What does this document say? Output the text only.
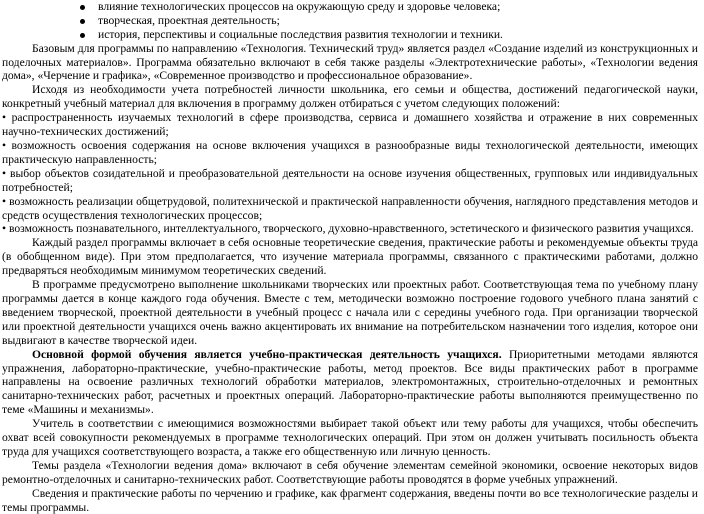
влияние технологических процессов на окружающую среду и здоровье человека;
творческая, проектная деятельность;
история, перспективы и социальные последствия развития технологии и техники.

Базовым для программы по направлению «Технология. Технический труд» является раздел «Создание изделий из конструкционных и поделочных материалов». Программа обязательно включают в себя также разделы «Электротехнические работы», «Технологии ведения дома», «Черчение и графика», «Современное производство и профессиональное образование».

Исходя из необходимости учета потребностей личности школьника, его семьи и общества, достижений педагогической науки, конкретный учебный материал для включения в программу должен отбираться с учетом следующих положений:

• распространенность изучаемых технологий в сфере производства, сервиса и домашнего хозяйства и отражение в них современных научно-технических достижений;

• возможность освоения содержания на основе включения учащихся в разнообразные виды технологической деятельности, имеющих практическую направленность;

• выбор объектов созидательной и преобразовательной деятельности на основе изучения общественных, групповых или индивидуальных потребностей;

• возможность реализации общетрудовой, политехнической и практической направленности обучения, наглядного представления методов и средств осуществления технологических процессов;

• возможность познавательного, интеллектуального, творческого, духовно-нравственного, эстетического и физического развития учащихся.

Каждый раздел программы включает в себя основные теоретические сведения, практические работы и рекомендуемые объекты труда (в обобщенном виде). При этом предполагается, что изучение материала программы, связанного с практическими работами, должно предваряться необходимым минимумом теоретических сведений.

В программе предусмотрено выполнение школьниками творческих или проектных работ. Соответствующая тема по учебному плану программы дается в конце каждого года обучения. Вместе с тем, методически возможно построение годового учебного плана занятий с введением творческой, проектной деятельности в учебный процесс с начала или с середины учебного года. При организации творческой или проектной деятельности учащихся очень важно акцентировать их внимание на потребительском назначении того изделия, которое они выдвигают в качестве творческой идеи.

Основной формой обучения является учебно-практическая деятельность учащихся. Приоритетными методами являются упражнения, лабораторно-практические, учебно-практические работы, метод проектов. Все виды практических работ в программе направлены на освоение различных технологий обработки материалов, электромонтажных, строительно-отделочных и ремонтных санитарно-технических работ, расчетных и проектных операций. Лабораторно-практические работы выполняются преимущественно по теме «Машины и механизмы».

Учитель в соответствии с имеющимися возможностями выбирает такой объект или тему работы для учащихся, чтобы обеспечить охват всей совокупности рекомендуемых в программе технологических операций. При этом он должен учитывать посильность объекта труда для учащихся соответствующего возраста, а также его общественную или личную ценность.

Темы раздела «Технологии ведения дома» включают в себя обучение элементам семейной экономики, освоение некоторых видов ремонтно-отделочных и санитарно-технических работ. Соответствующие работы проводятся в форме учебных упражнений.

Сведения и практические работы по черчению и графике, как фрагмент содержания, введены почти во все технологические разделы и темы программы.
